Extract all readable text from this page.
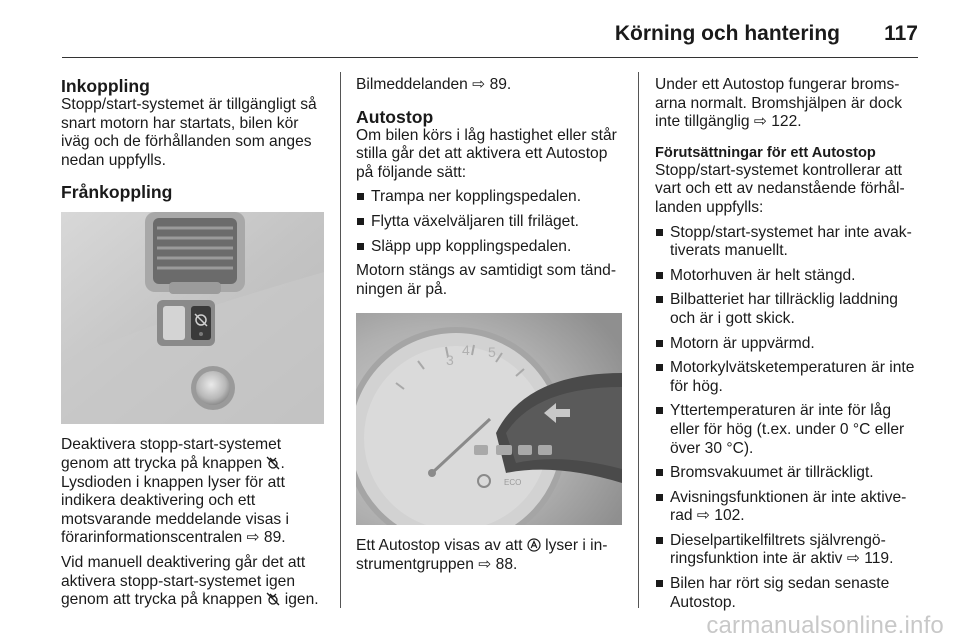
Körning och hantering 117
Inkoppling

Stopp/start-systemet är tillgängligt så snart motorn har startats, bilen kör iväg och de förhållanden som anges nedan uppfylls.

Frånkoppling

Deaktivera stopp-start-systemet genom att trycka på knappen . Lysdioden i knappen lyser för att indikera deaktivering och ett motsvarande meddelande visas i förarinformationscentralen ⇨ 89.

Vid manuell deaktivering går det att aktivera stopp-start-systemet igen genom att trycka på knappen  igen.

Bilmeddelanden ⇨ 89.

Autostop

Om bilen körs i låg hastighet eller står stilla går det att aktivera ett Autostop på följande sätt:

Trampa ner kopplingspedalen.
Flytta växelväljaren till friläget.
Släpp upp kopplingspedalen.

Motorn stängs av samtidigt som tändningen är på.

3
4 5
ECO

Ett Autostop visas av att  lyser i instrumentgruppen ⇨ 88.

Under ett Autostop fungerar bromsarna normalt. Bromshjälpen är dock inte tillgänglig ⇨ 122.

Förutsättningar för ett Autostop

Stopp/start-systemet kontrollerar att vart och ett av nedanstående förhållanden uppfylls:

Stopp/start-systemet har inte avaktiverats manuellt.
Motorhuven är helt stängd.
Bilbatteriet har tillräcklig laddning och är i gott skick.
Motorn är uppvärmd.
Motorkylvätsketemperaturen är inte för hög.
Yttertemperaturen är inte för låg eller för hög (t.ex. under 0 °C eller över 30 °C).
Bromsvakuumet är tillräckligt.
Avisningsfunktionen är inte aktiverad ⇨ 102.
Dieselpartikelfiltrets självrengöringsfunktion inte är aktiv ⇨ 119.
Bilen har rört sig sedan senaste Autostop.
carmanualsonline.info
